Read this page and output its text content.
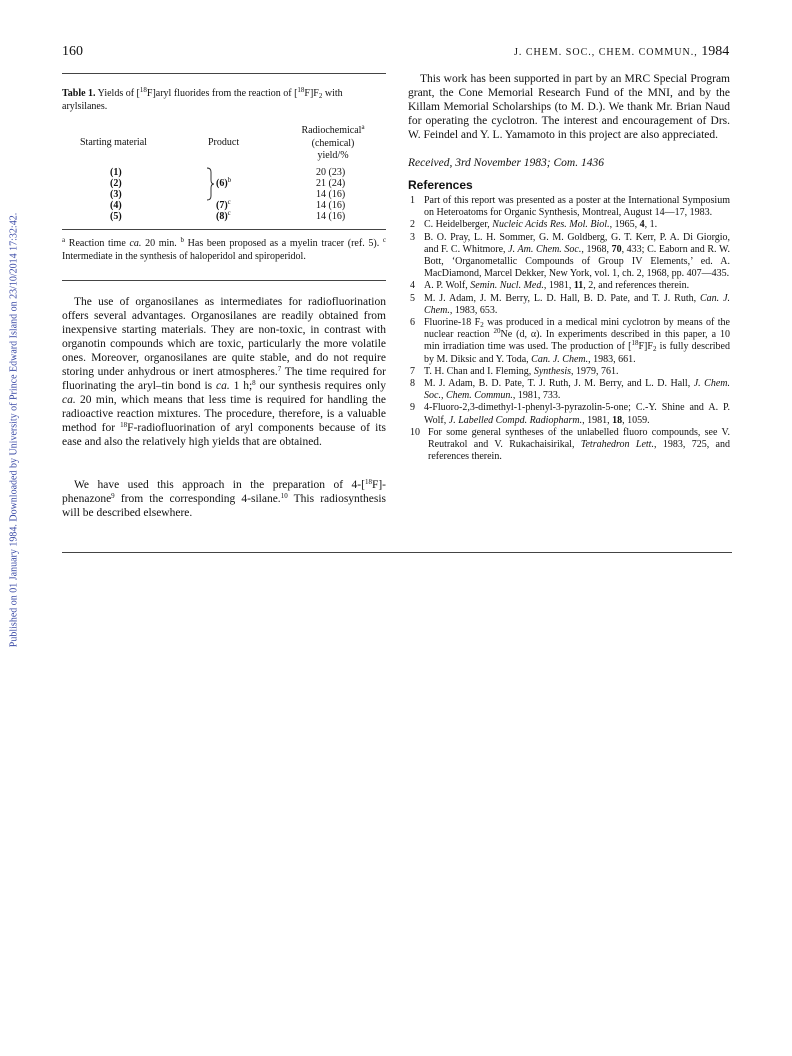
Published on 01 January 1984. Downloaded by University of Prince Edward Island on 23/10/2014 17:32:42.
160	J. CHEM. SOC., CHEM. COMMUN., 1984
Table 1. Yields of [$^{18}$F]aryl fluorides from the reaction of $[^{18}F]F_2$ with arylsilanes.
Starting material	Product
Radiochemical$^a$
(chemical)
yield/%
(1)
(2)
(3)
(4)
(5)
20 (23)
21 (24)
14 (16)
14 (16)
14 (16)
$(6)^b$
$(7)^c$
$(8)^c$
$^a$ Reaction time ca. 20 min. $^b$ Has been proposed as a myelin tracer (ref. 5). $^c$ Intermediate in the synthesis of haloperidol and spiroperidol.
The use of organosilanes as intermediates for radiofluorination offers several advantages. Organosilanes are readily obtained from inexpensive starting materials. They are non-toxic, in contrast with organotin compounds which are toxic, particularly the more volatile ones. Moreover, organosilanes are quite stable, and do not require storing under anhydrous or inert atmospheres.$^7$ The time required for fluorinating the aryl–tin bond is ca. 1 h;$^8$ our synthesis requires only ca. 20 min, which means that less time is required for handling the radioactive reaction mixtures. The procedure, therefore, is a valuable method for $^{18}$F-radiofluorination of aryl components because of its ease and also the relatively high yields that are obtained.
We have used this approach in the preparation of 4-[$^{18}$F]-phenazone$^9$ from the corresponding 4-silane.$^{10}$ This radiosynthesis will be described elsewhere.
This work has been supported in part by an MRC Special Program grant, the Cone Memorial Research Fund of the MNI, and by the Killam Memorial Scholarships (to M. D.). We thank Mr. Brian Naud for operating the cyclotron. The interest and encouragement of Drs. W. Feindel and Y. L. Yamamoto in this project are also appreciated.
Received, 3rd November 1983; Com. 1436
References
1 Part of this report was presented as a poster at the International Symposium on Heteroatoms for Organic Synthesis, Montreal, August 14—17, 1983.
2 C. Heidelberger, Nucleic Acids Res. Mol. Biol., 1965, 4, 1.
3 B. O. Pray, L. H. Sommer, G. M. Goldberg, G. T. Kerr, P. A. Di Giorgio, and F. C. Whitmore, J. Am. Chem. Soc., 1968, 70, 433; C. Eaborn and R. W. Bott, ‘Organometallic Compounds of Group IV Elements,’ ed. A. MacDiamond, Marcel Dekker, New York, vol. 1, ch. 2, 1968, pp. 407—435.
4 A. P. Wolf, Semin. Nucl. Med., 1981, 11, 2, and references therein.
5 M. J. Adam, J. M. Berry, L. D. Hall, B. D. Pate, and T. J. Ruth, Can. J. Chem., 1983, 653.
6 Fluorine-18 $F_2$ was produced in a medical mini cyclotron by means of the nuclear reaction $^{20}$Ne (d, α). In experiments described in this paper, a 10 min irradiation time was used. The production of $[^{18}F]F_2$ is fully described by M. Diksic and Y. Toda, Can. J. Chem., 1983, 661.
7 T. H. Chan and I. Fleming, Synthesis, 1979, 761.
8 M. J. Adam, B. D. Pate, T. J. Ruth, J. M. Berry, and L. D. Hall, J. Chem. Soc., Chem. Commun., 1981, 733.
9 4-Fluoro-2,3-dimethyl-1-phenyl-3-pyrazolin-5-one; C.-Y. Shine and A. P. Wolf, J. Labelled Compd. Radiopharm., 1981, 18, 1059.
10 For some general syntheses of the unlabelled fluoro compounds, see V. Reutrakol and V. Rukachaisirikal, Tetrahedron Lett., 1983, 725, and references therein.
